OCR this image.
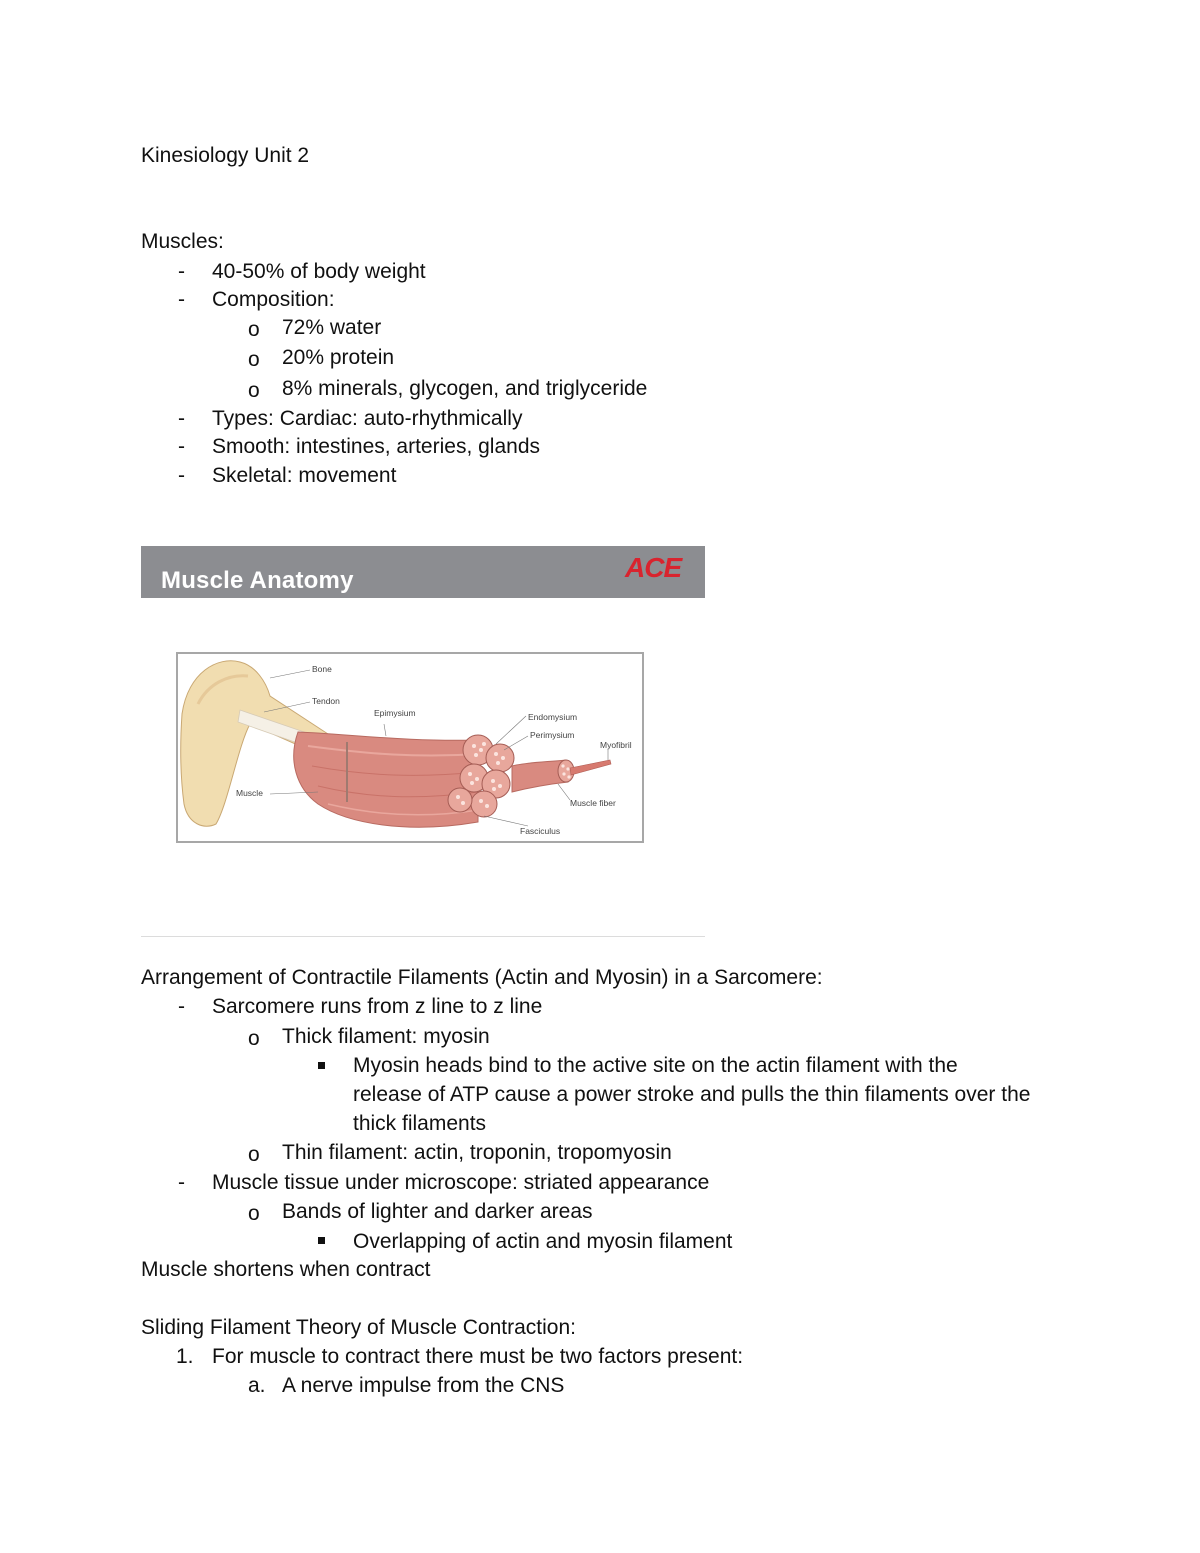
Kinesiology Unit 2
Muscles:
- 40-50% of body weight
- Composition:
o 72% water
o 20% protein
o 8% minerals, glycogen, and triglyceride
- Types: Cardiac: auto-rhythmically
- Smooth: intestines, arteries, glands
- Skeletal: movement
Muscle Anatomy	ACE
Bone
Tendon
Epimysium	Endomysium
Perimysium
Myofibril
Muscle
Muscle fiber
Fasciculus
Arrangement of Contractile Filaments (Actin and Myosin) in a Sarcomere:
- Sarcomere runs from z line to z line
o Thick filament: myosin
Myosin heads bind to the active site on the actin filament with the
release of ATP cause a power stroke and pulls the thin filaments over the
thick filaments
o Thin filament: actin, troponin, tropomyosin
- Muscle tissue under microscope: striated appearance
o Bands of lighter and darker areas
Overlapping of actin and myosin filament
Muscle shortens when contract
Sliding Filament Theory of Muscle Contraction:
1. For muscle to contract there must be two factors present:
a. A nerve impulse from the CNS
